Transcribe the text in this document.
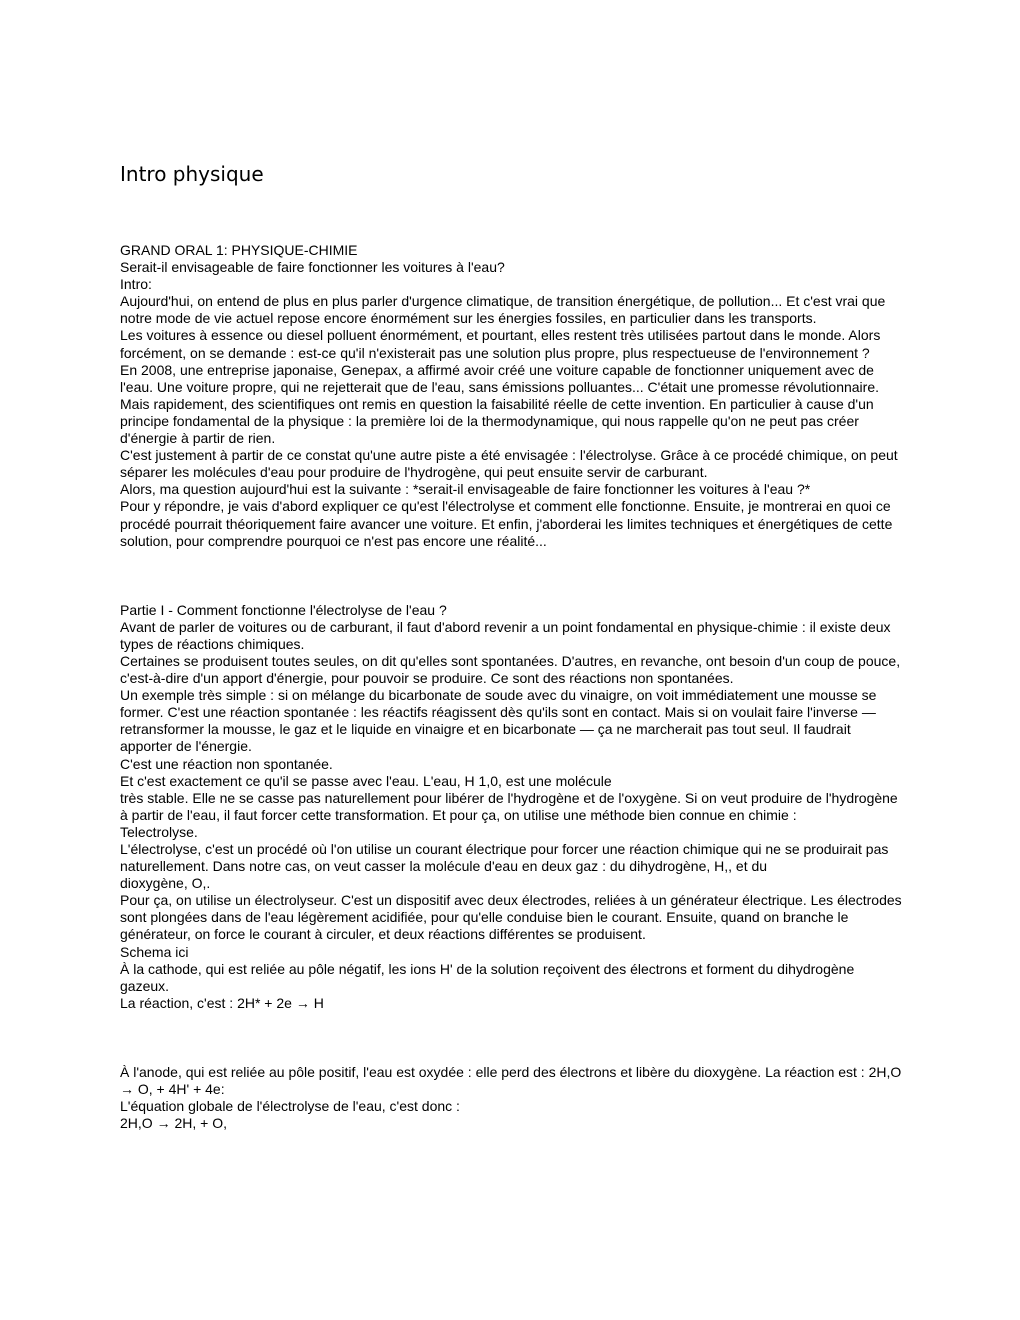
Intro physique

GRAND ORAL 1: PHYSIQUE-CHIMIE

Serait-il envisageable de faire fonctionner les voitures à l'eau?

Intro:

Aujourd'hui, on entend de plus en plus parler d'urgence climatique, de transition énergétique, de pollution... Et c'est vrai que notre mode de vie actuel repose encore énormément sur les énergies fossiles, en particulier dans les transports.

Les voitures à essence ou diesel polluent énormément, et pourtant, elles restent très utilisées partout dans le monde. Alors forcément, on se demande : est-ce qu'il n'existerait pas une solution plus propre, plus respectueuse de l'environnement ?

En 2008, une entreprise japonaise, Genepax, a affirmé avoir créé une voiture capable de fonctionner uniquement avec de l'eau. Une voiture propre, qui ne rejetterait que de l'eau, sans émissions polluantes... C'était une promesse révolutionnaire. Mais rapidement, des scientifiques ont remis en question la faisabilité réelle de cette invention. En particulier à cause d'un principe fondamental de la physique : la première loi de la thermodynamique, qui nous rappelle qu'on ne peut pas créer d'énergie à partir de rien.

C'est justement à partir de ce constat qu'une autre piste a été envisagée : l'électrolyse. Grâce à ce procédé chimique, on peut séparer les molécules d'eau pour produire de l'hydrogène, qui peut ensuite servir de carburant.

Alors, ma question aujourd'hui est la suivante : *serait-il envisageable de faire fonctionner les voitures à l'eau ?*

Pour y répondre, je vais d'abord expliquer ce qu'est l'électrolyse et comment elle fonctionne. Ensuite, je montrerai en quoi ce procédé pourrait théoriquement faire avancer une voiture. Et enfin, j'aborderai les limites techniques et énergétiques de cette solution, pour comprendre pourquoi ce n'est pas encore une réalité...

Partie I - Comment fonctionne l'électrolyse de l'eau ?

Avant de parler de voitures ou de carburant, il faut d'abord revenir a un point fondamental en physique-chimie : il existe deux types de réactions chimiques.

Certaines se produisent toutes seules, on dit qu'elles sont spontanées. D'autres, en revanche, ont besoin d'un coup de pouce, c'est-à-dire d'un apport d'énergie, pour pouvoir se produire. Ce sont des réactions non spontanées.

Un exemple très simple : si on mélange du bicarbonate de soude avec du vinaigre, on voit immédiatement une mousse se former. C'est une réaction spontanée : les réactifs réagissent dès qu'ils sont en contact. Mais si on voulait faire l'inverse — retransformer la mousse, le gaz et le liquide en vinaigre et en bicarbonate — ça ne marcherait pas tout seul. Il faudrait apporter de l'énergie.

C'est une réaction non spontanée.

Et c'est exactement ce qu'il se passe avec l'eau. L'eau, H 1,0, est une molécule

très stable. Elle ne se casse pas naturellement pour libérer de l'hydrogène et de l'oxygène. Si on veut produire de l'hydrogène à partir de l'eau, il faut forcer cette transformation. Et pour ça, on utilise une méthode bien connue en chimie :

Telectrolyse.

L'électrolyse, c'est un procédé où l'on utilise un courant électrique pour forcer une réaction chimique qui ne se produirait pas naturellement. Dans notre cas, on veut casser la molécule d'eau en deux gaz : du dihydrogène, H,, et du

dioxygène, O,.

Pour ça, on utilise un électrolyseur. C'est un dispositif avec deux électrodes, reliées à un générateur électrique. Les électrodes sont plongées dans de l'eau légèrement acidifiée, pour qu'elle conduise bien le courant. Ensuite, quand on branche le générateur, on force le courant à circuler, et deux réactions différentes se produisent.

Schema ici

À la cathode, qui est reliée au pôle négatif, les ions H' de la solution reçoivent des électrons et forment du dihydrogène gazeux.

La réaction, c'est : 2H* + 2e → H

À l'anode, qui est reliée au pôle positif, l'eau est oxydée : elle perd des électrons et libère du dioxygène. La réaction est : 2H,O → O, + 4H' + 4e:

L'équation globale de l'électrolyse de l'eau, c'est donc :

2H,O → 2H, + O,
